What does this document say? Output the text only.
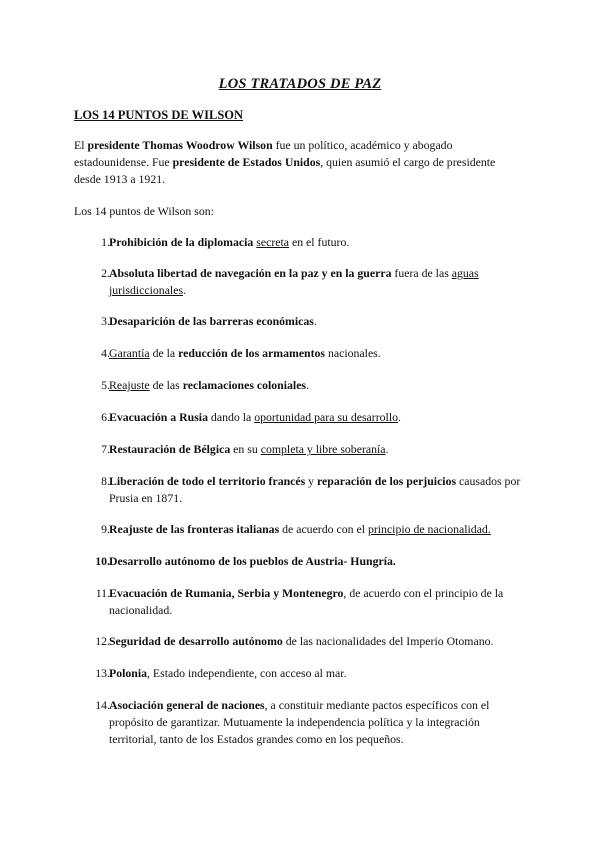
LOS TRATADOS DE PAZ
LOS 14 PUNTOS DE WILSON
El presidente Thomas Woodrow Wilson fue un político, académico y abogado estadounidense. Fue presidente de Estados Unidos, quien asumió el cargo de presidente desde 1913 a 1921.
Los 14 puntos de Wilson son:
1. Prohibición de la diplomacia secreta en el futuro.
2. Absoluta libertad de navegación en la paz y en la guerra fuera de las aguas jurisdiccionales.
3. Desaparición de las barreras económicas.
4. Garantía de la reducción de los armamentos nacionales.
5. Reajuste de las reclamaciones coloniales.
6. Evacuación a Rusia dando la oportunidad para su desarrollo.
7. Restauración de Bélgica en su completa y libre soberanía.
8. Liberación de todo el territorio francés y reparación de los perjuicios causados por Prusia en 1871.
9. Reajuste de las fronteras italianas de acuerdo con el principio de nacionalidad.
10. Desarrollo autónomo de los pueblos de Austria- Hungría.
11. Evacuación de Rumania, Serbia y Montenegro, de acuerdo con el principio de la nacionalidad.
12. Seguridad de desarrollo autónomo de las nacionalidades del Imperio Otomano.
13. Polonia, Estado independiente, con acceso al mar.
14. Asociación general de naciones, a constituir mediante pactos específicos con el propósito de garantizar. Mutuamente la independencia política y la integración territorial, tanto de los Estados grandes como en los pequeños.
